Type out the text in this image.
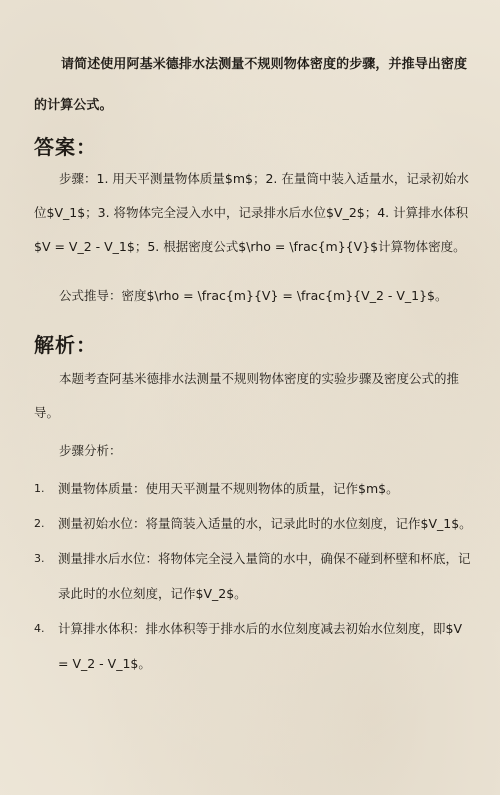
请简述使用阿基米德排水法测量不规则物体密度的步骤，并推导出密度的计算公式。
答案：
步骤：1. 用天平测量物体质量$m$；2. 在量筒中装入适量水，记录初始水位$V_1$；3. 将物体完全浸入水中，记录排水后水位$V_2$；4. 计算排水体积$V = V_2 - V_1$；5. 根据密度公式$\rho = \frac{m}{V}$计算物体密度。
公式推导：密度$\rho = \frac{m}{V} = \frac{m}{V_2 - V_1}$。
解析：
本题考查阿基米德排水法测量不规则物体密度的实验步骤及密度公式的推导。
步骤分析：
1. 测量物体质量：使用天平测量不规则物体的质量，记作$m$。
2. 测量初始水位：将量筒装入适量的水，记录此时的水位刻度，记作$V_1$。
3. 测量排水后水位：将物体完全浸入量筒的水中，确保不碰到杯壁和杯底，记录此时的水位刻度，记作$V_2$。
4. 计算排水体积：排水体积等于排水后的水位刻度减去初始水位刻度，即$V = V_2 - V_1$。
